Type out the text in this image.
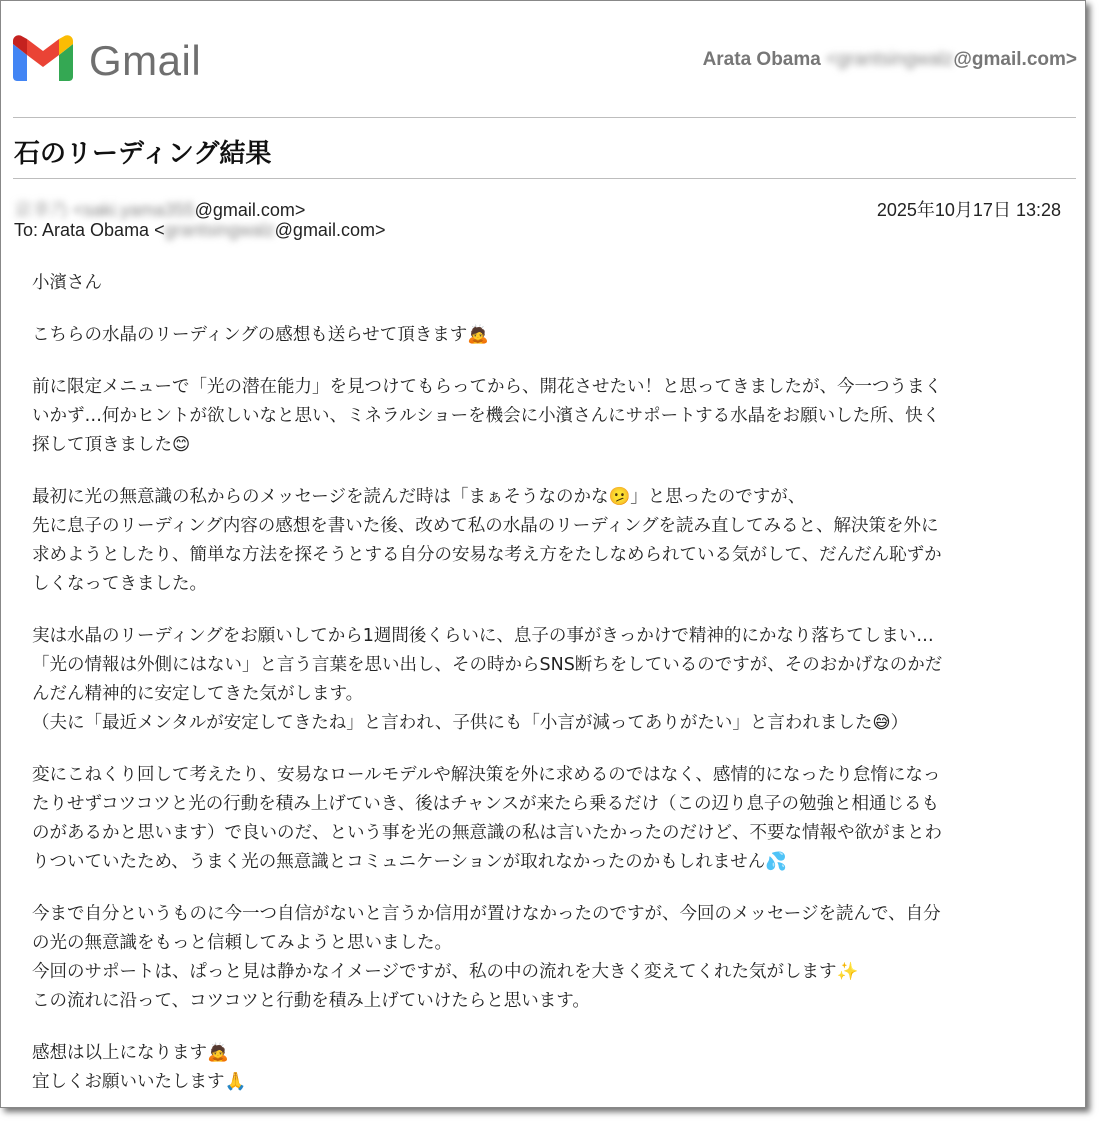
Gmail	Arata Obama <grantsingwalz@gmail.com>
石のリーディング結果
京幸乃 <saki.yama355@gmail.com>	2025年10月17日 13:28
To: Arata Obama <grantsingwalz@gmail.com>
小濱さん
こちらの水晶のリーディングの感想も送らせて頂きます🙇
前に限定メニューで「光の潜在能力」を見つけてもらってから、開花させたい！と思ってきましたが、今一つうまく
いかず…何かヒントが欲しいなと思い、ミネラルショーを機会に小濱さんにサポートする水晶をお願いした所、快く
探して頂きました😊
最初に光の無意識の私からのメッセージを読んだ時は「まぁそうなのかな🫤」と思ったのですが、
先に息子のリーディング内容の感想を書いた後、改めて私の水晶のリーディングを読み直してみると、解決策を外に
求めようとしたり、簡単な方法を探そうとする自分の安易な考え方をたしなめられている気がして、だんだん恥ずか
しくなってきました。
実は水晶のリーディングをお願いしてから1週間後くらいに、息子の事がきっかけで精神的にかなり落ちてしまい…
「光の情報は外側にはない」と言う言葉を思い出し、その時からSNS断ちをしているのですが、そのおかげなのかだ
んだん精神的に安定してきた気がします。
（夫に「最近メンタルが安定してきたね」と言われ、子供にも「小言が減ってありがたい」と言われました😅）
変にこねくり回して考えたり、安易なロールモデルや解決策を外に求めるのではなく、感情的になったり怠惰になっ
たりせずコツコツと光の行動を積み上げていき、後はチャンスが来たら乗るだけ（この辺り息子の勉強と相通じるも
のがあるかと思います）で良いのだ、という事を光の無意識の私は言いたかったのだけど、不要な情報や欲がまとわ
りついていたため、うまく光の無意識とコミュニケーションが取れなかったのかもしれません💦
今まで自分というものに今一つ自信がないと言うか信用が置けなかったのですが、今回のメッセージを読んで、自分
の光の無意識をもっと信頼してみようと思いました。
今回のサポートは、ぱっと見は静かなイメージですが、私の中の流れを大きく変えてくれた気がします✨
この流れに沿って、コツコツと行動を積み上げていけたらと思います。
感想は以上になります🙇
宜しくお願いいたします🙏
